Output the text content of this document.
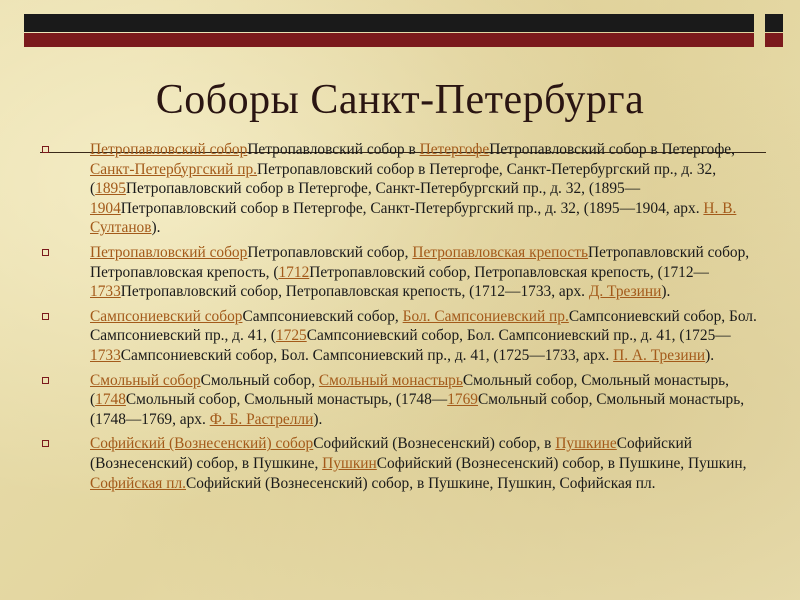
Соборы Санкт-Петербурга
Петропавловский соборПетропавловский собор в ПетергофеПетропавловский собор в Петергофе, Санкт-Петербургский пр.Петропавловский собор в Петергофе, Санкт-Петербургский пр., д. 32, (1895Петропавловский собор в Петергофе, Санкт-Петербургский пр., д. 32, (1895—1904Петропавловский собор в Петергофе, Санкт-Петербургский пр., д. 32, (1895—1904, арх. Н. В. Султанов).
Петропавловский соборПетропавловский собор, Петропавловская крепостьПетропавловский собор, Петропавловская крепость, (1712Петропавловский собор, Петропавловская крепость, (1712—1733Петропавловский собор, Петропавловская крепость, (1712—1733, арх. Д. Трезини).
Сампсониевский соборСампсониевский собор, Бол. Сампсониевский пр.Сампсониевский собор, Бол. Сампсониевский пр., д. 41, (1725Сампсониевский собор, Бол. Сампсониевский пр., д. 41, (1725—1733Сампсониевский собор, Бол. Сампсониевский пр., д. 41, (1725—1733, арх. П. А. Трезини).
Смольный соборСмольный собор, Смольный монастырьСмольный собор, Смольный монастырь, (1748Смольный собор, Смольный монастырь, (1748—1769Смольный собор, Смольный монастырь, (1748—1769, арх. Ф. Б. Растрелли).
Софийский (Вознесенский) соборСофийский (Вознесенский) собор, в ПушкинеСофийский (Вознесенский) собор, в Пушкине, ПушкинСофийский (Вознесенский) собор, в Пушкине, Пушкин, Софийская пл.Софийский (Вознесенский) собор, в Пушкине, Пушкин, Софийская пл.
